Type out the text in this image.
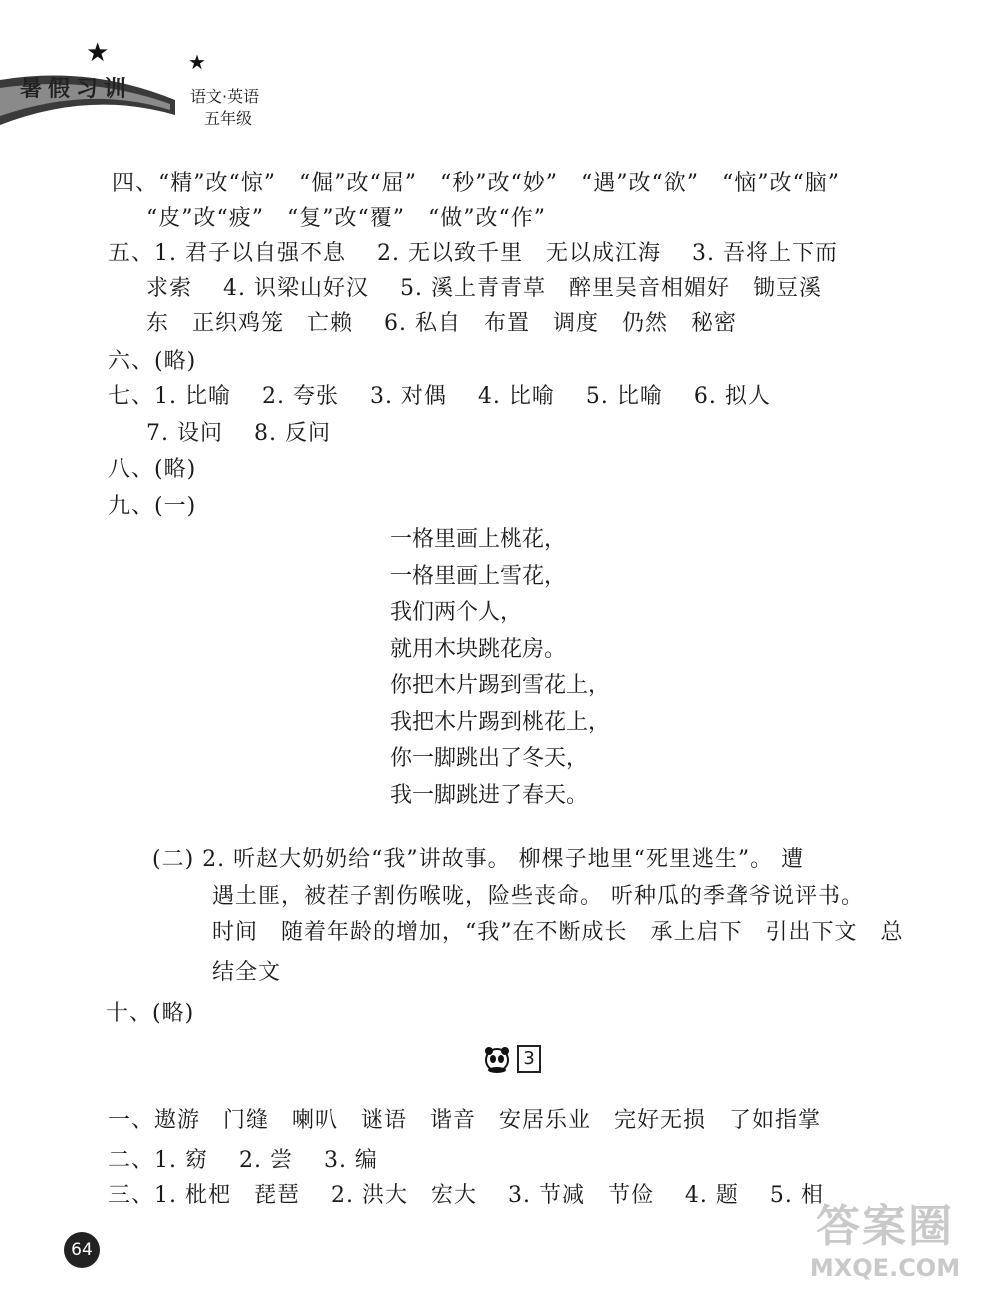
★	★
暑假习训	语文·英语
五年级
四、“精”改“惊”　“倔”改“屈”　“秒”改“妙”　“遇”改“欲”　“恼”改“脑”
“皮”改“疲”　“复”改“覆”　“做”改“作”
五、1. 君子以自强不息　 2. 无以致千里　无以成江海　 3. 吾将上下而
求索　 4. 识梁山好汉　 5. 溪上青青草　醉里吴音相媚好　锄豆溪
东　正织鸡笼　亡赖　 6. 私自　布置　调度　仍然　秘密
六、(略)
七、1. 比喻　 2. 夸张　 3. 对偶　 4. 比喻　 5. 比喻　 6. 拟人
7. 设问　 8. 反问
八、(略)
九、(一)
一格里画上桃花，
一格里画上雪花，
我们两个人，
就用木块跳花房。
你把木片踢到雪花上，
我把木片踢到桃花上，
你一脚跳出了冬天，
我一脚跳进了春天。
(二) 2. 听赵大奶奶给“我”讲故事。 柳棵子地里“死里逃生”。 遭
遇土匪，被茬子割伤喉咙，险些丧命。 听种瓜的季聋爷说评书。
时间　随着年龄的增加，“我”在不断成长　承上启下　引出下文　总
结全文
十、(略)
3
一、遨游　门缝　喇叭　谜语　谐音　安居乐业　完好无损　了如指掌
二、1. 窈　 2. 尝　 3. 编
三、1. 枇杷　琵琶　 2. 洪大　宏大　 3. 节减　节俭　 4. 题　 5. 相
64	答案圈
MXQE.COM
